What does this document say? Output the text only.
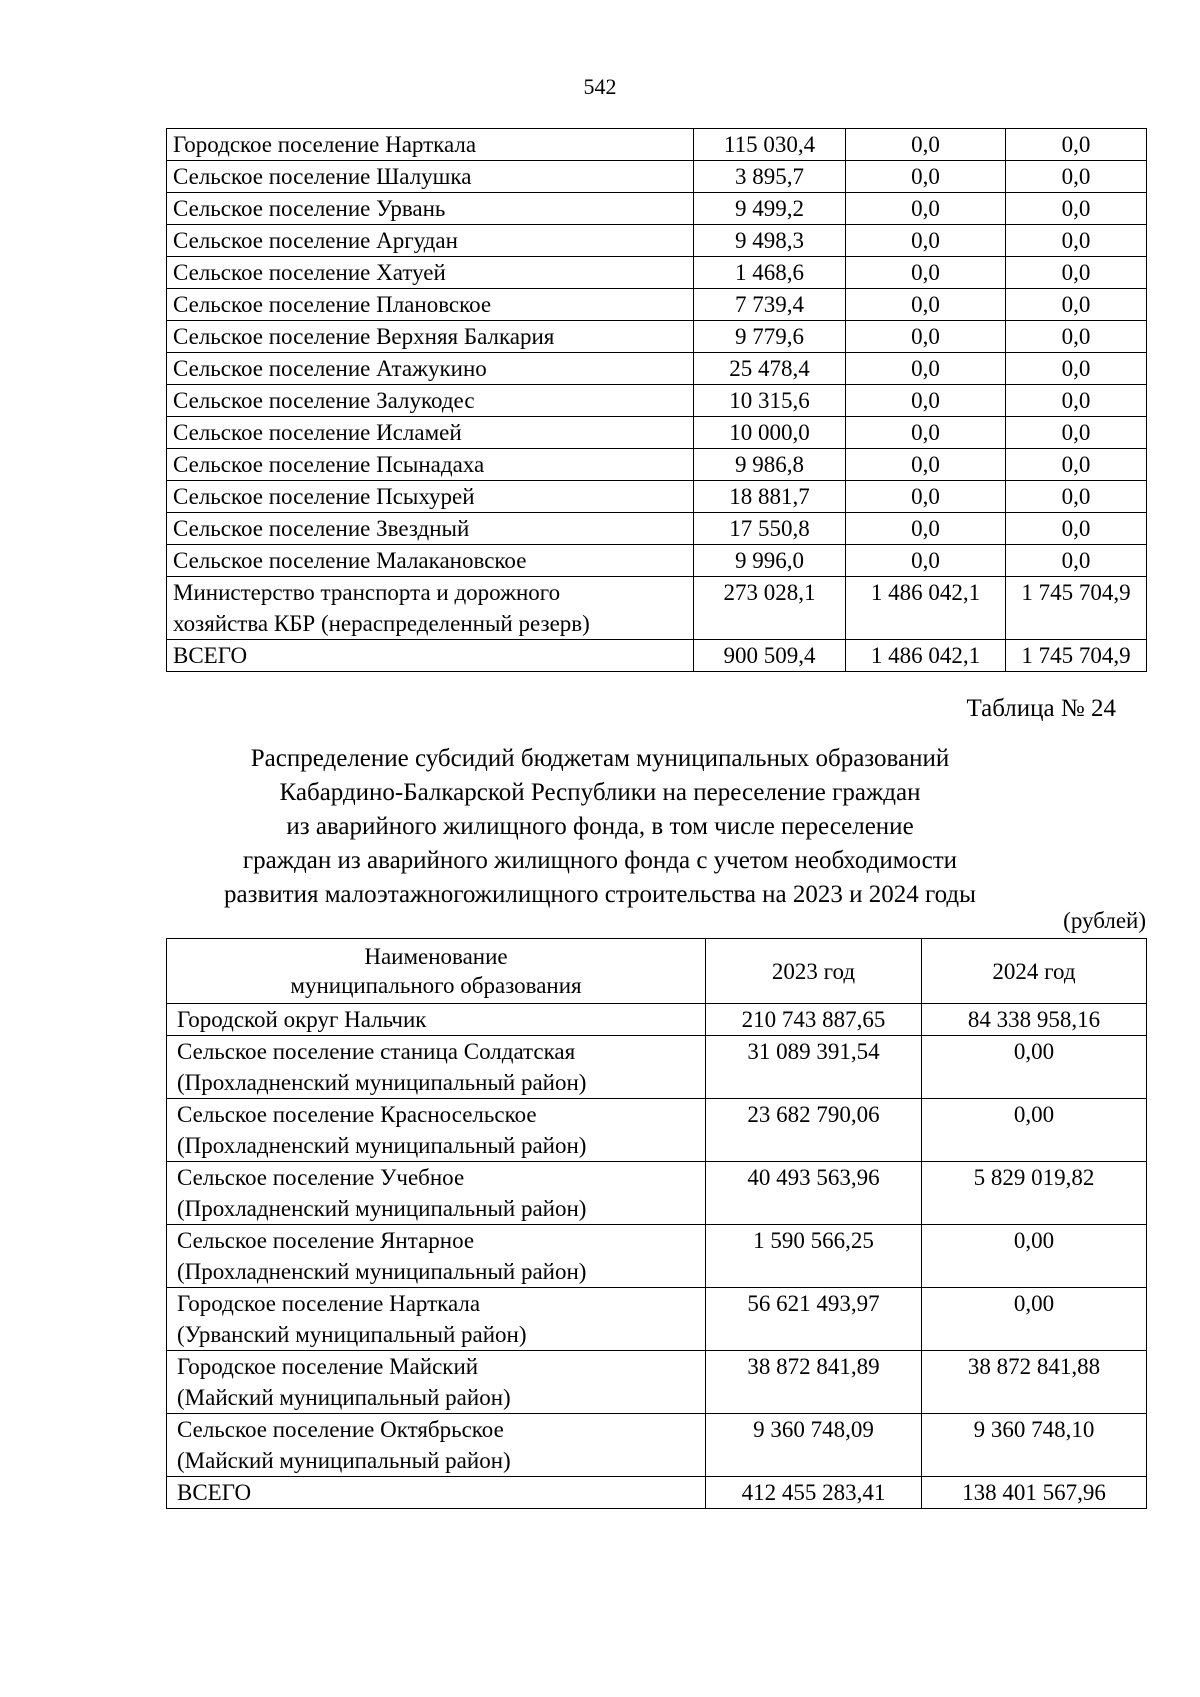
542
Городское поселение Нарткала	115 030,4	0,0	0,0
Сельское поселение Шалушка	3 895,7	0,0	0,0
Сельское поселение Урвань	9 499,2	0,0	0,0
Сельское поселение Аргудан	9 498,3	0,0	0,0
Сельское поселение Хатуей	1 468,6	0,0	0,0
Сельское поселение Плановское	7 739,4	0,0	0,0
Сельское поселение Верхняя Балкария	9 779,6	0,0	0,0
Сельское поселение Атажукино	25 478,4	0,0	0,0
Сельское поселение Залукодес	10 315,6	0,0	0,0
Сельское поселение Исламей	10 000,0	0,0	0,0
Сельское поселение Псынадаха	9 986,8	0,0	0,0
Сельское поселение Псыхурей	18 881,7	0,0	0,0
Сельское поселение Звездный	17 550,8	0,0	0,0
Сельское поселение Малакановское	9 996,0	0,0	0,0

Министерство транспорта и дорожного
хозяйства КБР (нераспределенный резерв)	273 028,1	1 486 042,1	1 745 704,9
ВСЕГО	900 509,4	1 486 042,1	1 745 704,9
Таблица № 24
Распределение субсидий бюджетам муниципальных образований
Кабардино-Балкарской Республики на переселение граждан
из аварийного жилищного фонда, в том числе переселение
граждан из аварийного жилищного фонда с учетом необходимости
развития малоэтажногожилищного строительства на 2023 и 2024 годы
(рублей)
Наименование
муниципального образования	2023 год	2024 год
Городской округ Нальчик	210 743 887,65	84 338 958,16

Сельское поселение станица Солдатская
(Прохладненский муниципальный район)	31 089 391,54	0,00

Сельское поселение Красносельское
(Прохладненский муниципальный район)	23 682 790,06	0,00

Сельское поселение Учебное
(Прохладненский муниципальный район)	40 493 563,96	5 829 019,82

Сельское поселение Янтарное
(Прохладненский муниципальный район)	1 590 566,25	0,00

Городское поселение Нарткала
(Урванский муниципальный район)	56 621 493,97	0,00

Городское поселение Майский
(Майский муниципальный район)	38 872 841,89	38 872 841,88

Сельское поселение Октябрьское
(Майский муниципальный район)	9 360 748,09	9 360 748,10
ВСЕГО	412 455 283,41	138 401 567,96
